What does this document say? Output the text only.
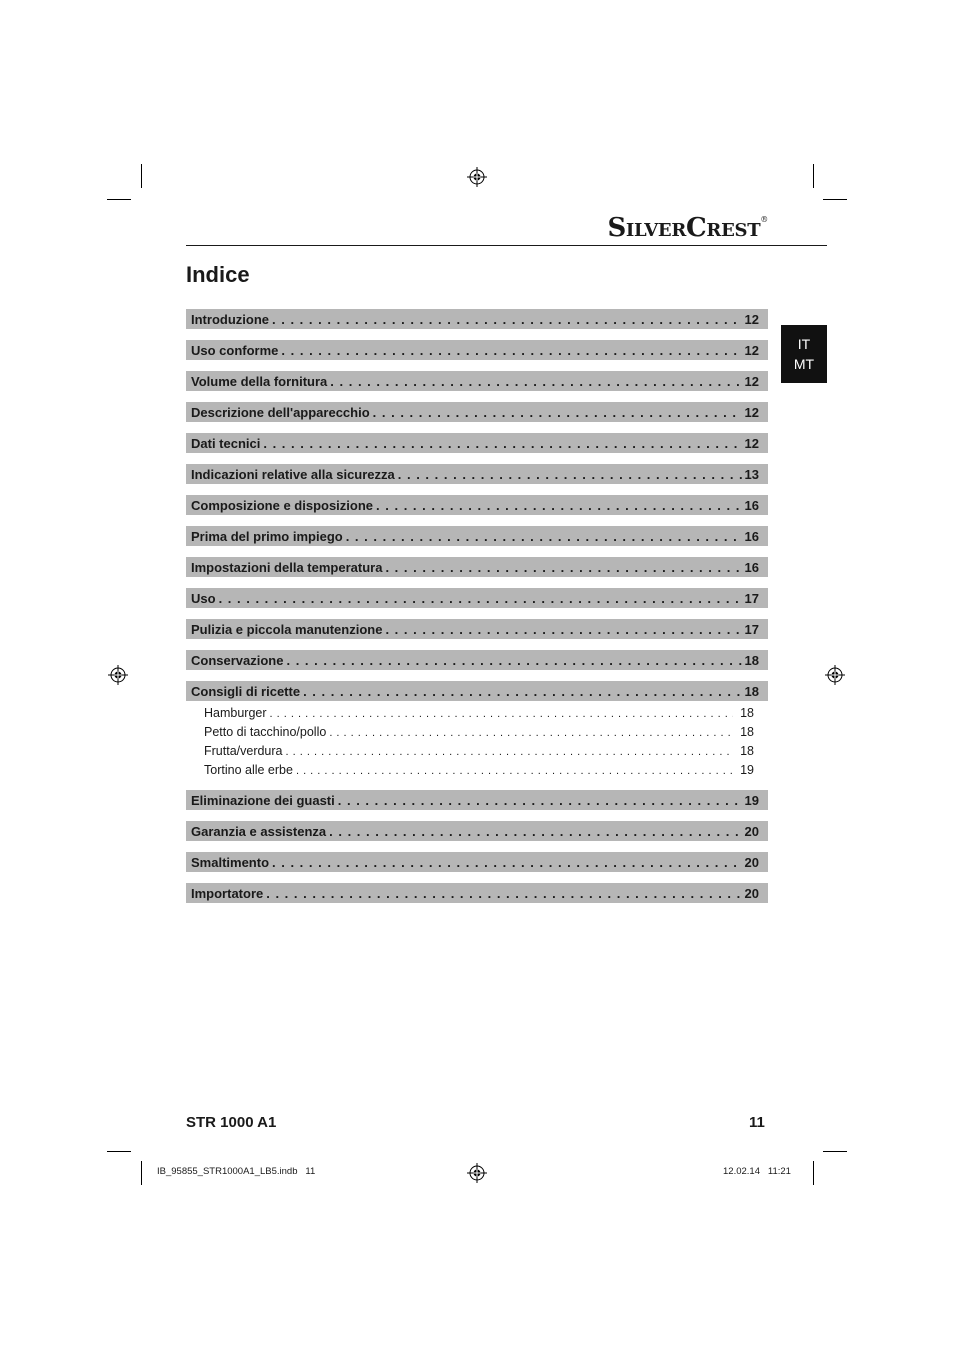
SILVERCREST®
Indice
IT
MT
Introduzione . . .	12
Uso conforme . . .	12
Volume della fornitura . . .	12
Descrizione dell'apparecchio . . .	12
Dati tecnici . . .	12
Indicazioni relative alla sicurezza . . .	13
Composizione e disposizione . . .	16
Prima del primo impiego . . .	16
Impostazioni della temperatura . . .	16
Uso . . .	17
Pulizia e piccola manutenzione . . .	17
Conservazione . . .	18
Consigli di ricette . . .	18
Hamburger . . .	18
Petto di tacchino/pollo . . .	18
Frutta/verdura . . .	18
Tortino alle erbe . . .	19
Eliminazione dei guasti . . .	19
Garanzia e assistenza . . .	20
Smaltimento . . .	20
Importatore . . .	20
STR 1000 A1	11
IB_95855_STR1000A1_LB5.indb   11	12.02.14   11:21
